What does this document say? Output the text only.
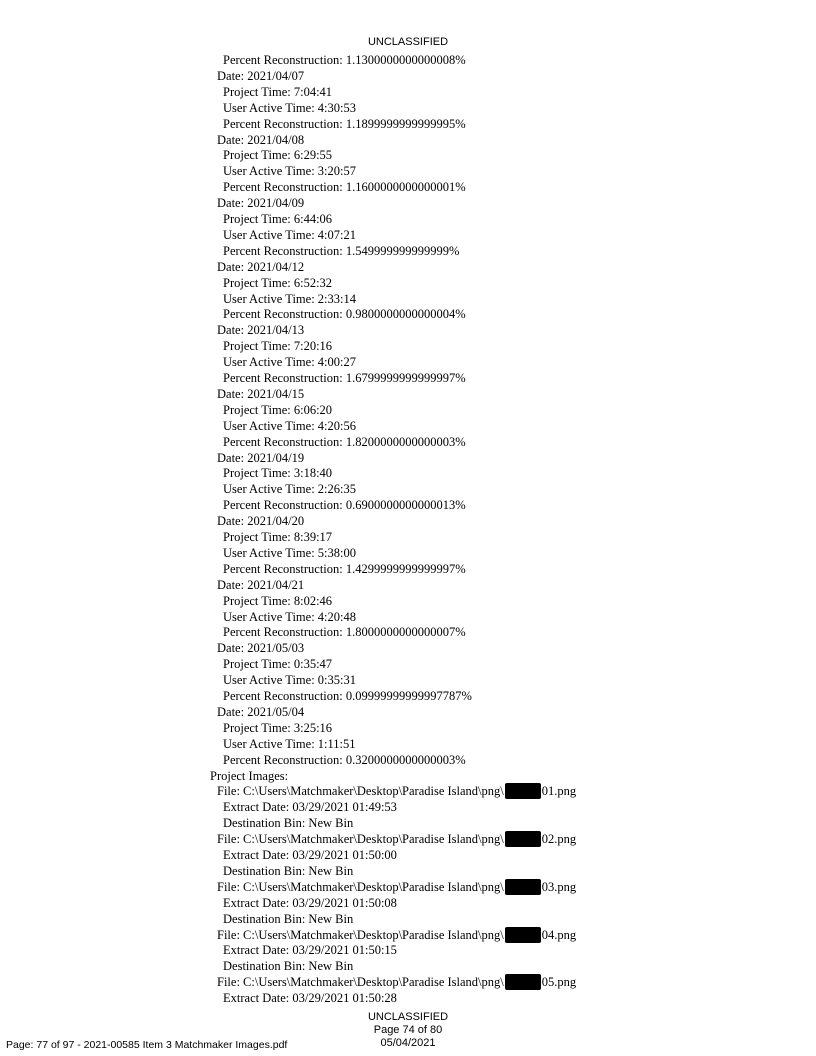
UNCLASSIFIED
Percent Reconstruction: 1.1300000000000008%
Date: 2021/04/07
Project Time: 7:04:41
User Active Time: 4:30:53
Percent Reconstruction: 1.1899999999999995%
Date: 2021/04/08
Project Time: 6:29:55
User Active Time: 3:20:57
Percent Reconstruction: 1.1600000000000001%
Date: 2021/04/09
Project Time: 6:44:06
User Active Time: 4:07:21
Percent Reconstruction: 1.549999999999999%
Date: 2021/04/12
Project Time: 6:52:32
User Active Time: 2:33:14
Percent Reconstruction: 0.9800000000000004%
Date: 2021/04/13
Project Time: 7:20:16
User Active Time: 4:00:27
Percent Reconstruction: 1.6799999999999997%
Date: 2021/04/15
Project Time: 6:06:20
User Active Time: 4:20:56
Percent Reconstruction: 1.8200000000000003%
Date: 2021/04/19
Project Time: 3:18:40
User Active Time: 2:26:35
Percent Reconstruction: 0.6900000000000013%
Date: 2021/04/20
Project Time: 8:39:17
User Active Time: 5:38:00
Percent Reconstruction: 1.4299999999999997%
Date: 2021/04/21
Project Time: 8:02:46
User Active Time: 4:20:48
Percent Reconstruction: 1.8000000000000007%
Date: 2021/05/03
Project Time: 0:35:47
User Active Time: 0:35:31
Percent Reconstruction: 0.09999999999997787%
Date: 2021/05/04
Project Time: 3:25:16
User Active Time: 1:11:51
Percent Reconstruction: 0.3200000000000003%
Project Images:
File: C:\Users\Matchmaker\Desktop\Paradise Island\png\	01.png
Extract Date: 03/29/2021 01:49:53
Destination Bin: New Bin
File: C:\Users\Matchmaker\Desktop\Paradise Island\png\	02.png
Extract Date: 03/29/2021 01:50:00
Destination Bin: New Bin
File: C:\Users\Matchmaker\Desktop\Paradise Island\png\	03.png
Extract Date: 03/29/2021 01:50:08
Destination Bin: New Bin
File: C:\Users\Matchmaker\Desktop\Paradise Island\png\	04.png
Extract Date: 03/29/2021 01:50:15
Destination Bin: New Bin
File: C:\Users\Matchmaker\Desktop\Paradise Island\png\	05.png
Extract Date: 03/29/2021 01:50:28
UNCLASSIFIED
Page 74 of 80
05/04/2021
Page: 77 of 97 - 2021-00585 Item 3 Matchmaker Images.pdf
